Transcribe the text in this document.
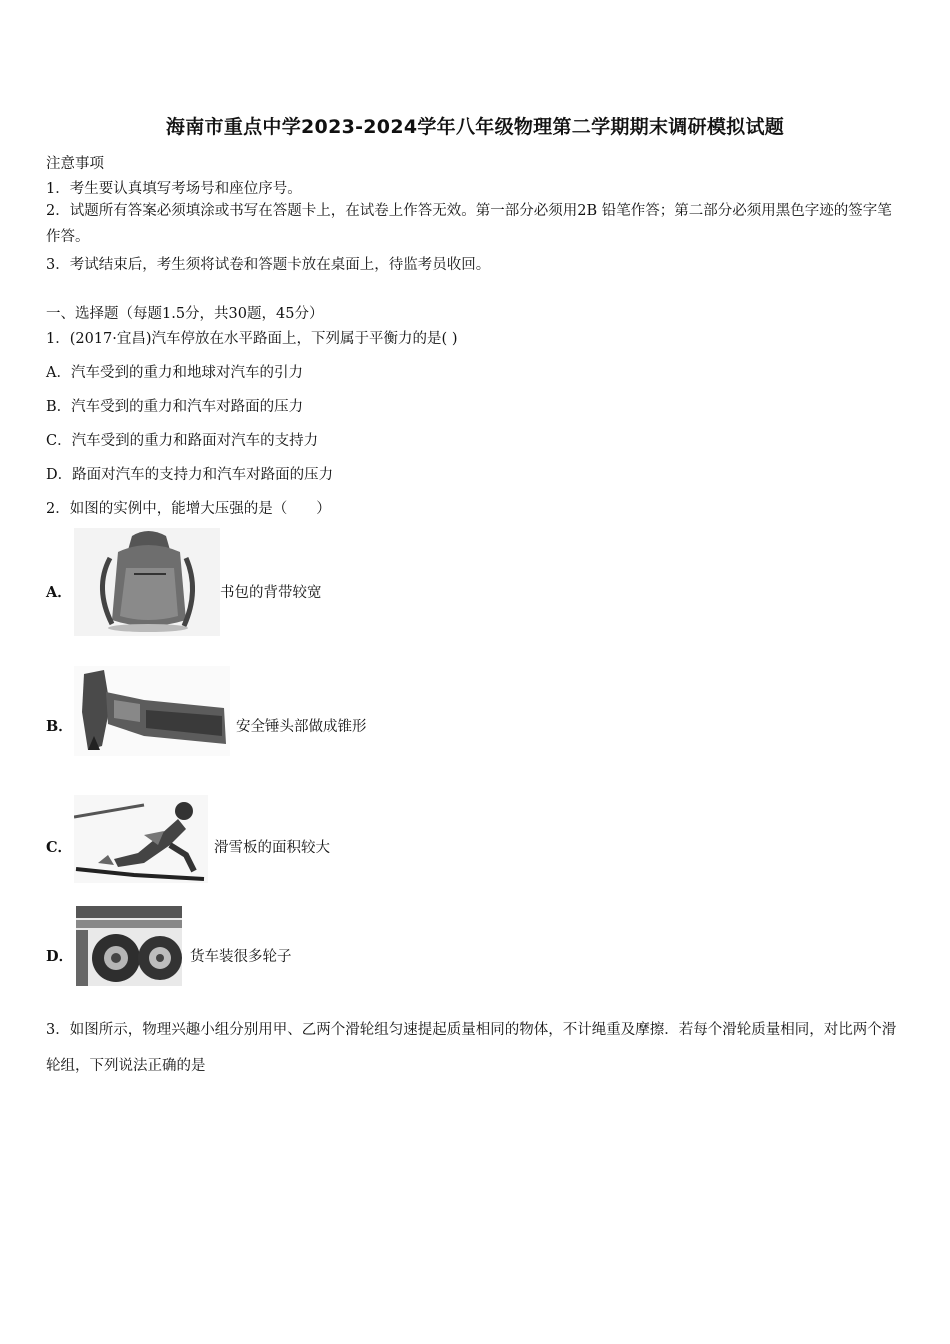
海南市重点中学2023-2024学年八年级物理第二学期期末调研模拟试题
注意事项
1．考生要认真填写考场号和座位序号。
2．试题所有答案必须填涂或书写在答题卡上，在试卷上作答无效。第一部分必须用2B 铅笔作答；第二部分必须用黑色字迹的签字笔作答。
3．考试结束后，考生须将试卷和答题卡放在桌面上，待监考员收回。
一、选择题（每题1.5分，共30题，45分）
1．(2017·宜昌)汽车停放在水平路面上，下列属于平衡力的是( )
A．汽车受到的重力和地球对汽车的引力
B．汽车受到的重力和汽车对路面的压力
C．汽车受到的重力和路面对汽车的支持力
D．路面对汽车的支持力和汽车对路面的压力
2．如图的实例中，能增大压强的是（　　）
A．	书包的背带较宽
B．	安全锤头部做成锥形
C．	滑雪板的面积较大
D．	货车装很多轮子
3．如图所示，物理兴趣小组分别用甲、乙两个滑轮组匀速提起质量相同的物体，不计绳重及摩擦．若每个滑轮质量相同，对比两个滑轮组，下列说法正确的是
